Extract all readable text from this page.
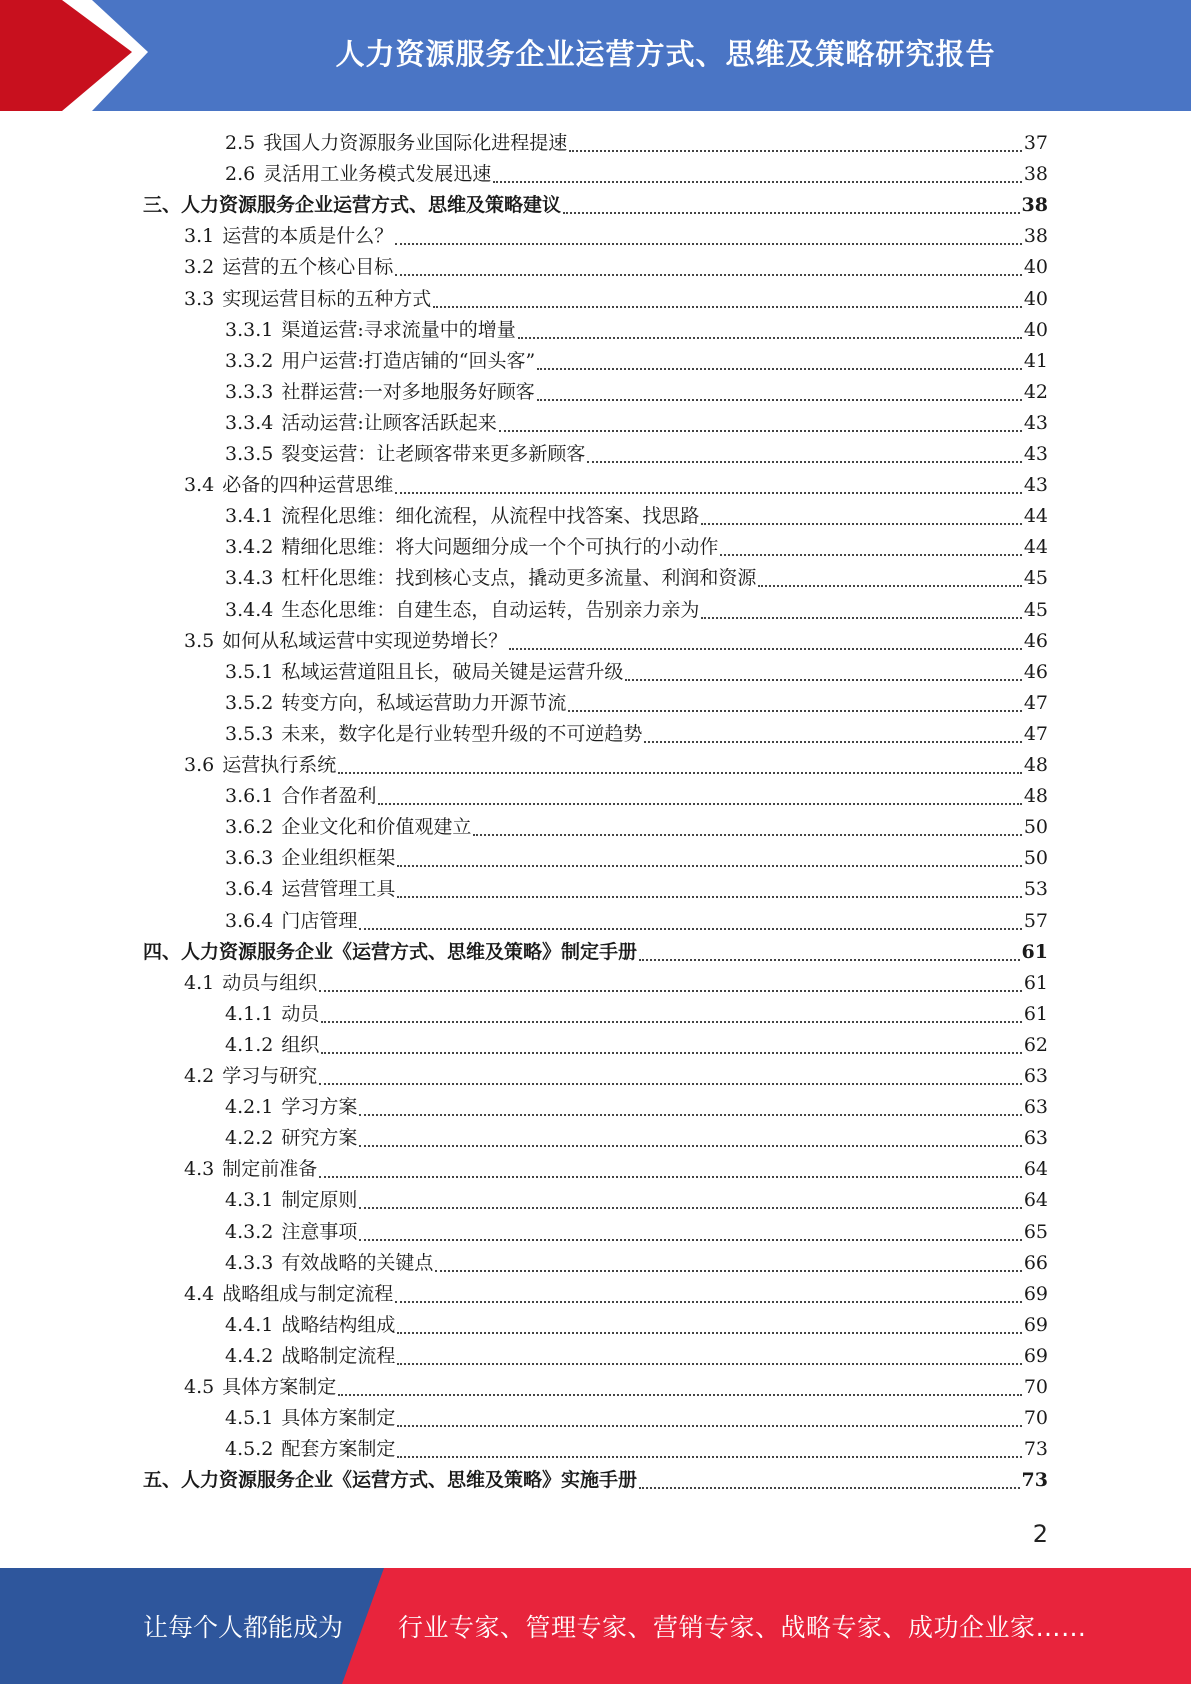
人力资源服务企业运营方式、思维及策略研究报告
2.5 我国人力资源服务业国际化进程提速	37
2.6 灵活用工业务模式发展迅速	38
三、人力资源服务企业运营方式、思维及策略建议	38
3.1 运营的本质是什么？	38
3.2 运营的五个核心目标	40
3.3 实现运营目标的五种方式	40
3.3.1 渠道运营:寻求流量中的增量	40
3.3.2 用户运营:打造店铺的“回头客”	41
3.3.3 社群运营:一对多地服务好顾客	42
3.3.4 活动运营:让顾客活跃起来	43
3.3.5 裂变运营：让老顾客带来更多新顾客	43
3.4 必备的四种运营思维	43
3.4.1 流程化思维：细化流程，从流程中找答案、找思路	44
3.4.2 精细化思维：将大问题细分成一个个可执行的小动作	44
3.4.3 杠杆化思维：找到核心支点，撬动更多流量、利润和资源	45
3.4.4 生态化思维：自建生态，自动运转，告别亲力亲为	45
3.5 如何从私域运营中实现逆势增长？	46
3.5.1 私域运营道阻且长，破局关键是运营升级	46
3.5.2 转变方向，私域运营助力开源节流	47
3.5.3 未来，数字化是行业转型升级的不可逆趋势	47
3.6 运营执行系统	48
3.6.1 合作者盈利	48
3.6.2 企业文化和价值观建立	50
3.6.3 企业组织框架	50
3.6.4 运营管理工具	53
3.6.4 门店管理	57
四、人力资源服务企业《运营方式、思维及策略》制定手册	61
4.1 动员与组织	61
4.1.1 动员	61
4.1.2 组织	62
4.2 学习与研究	63
4.2.1 学习方案	63
4.2.2 研究方案	63
4.3 制定前准备	64
4.3.1 制定原则	64
4.3.2 注意事项	65
4.3.3 有效战略的关键点	66
4.4 战略组成与制定流程	69
4.4.1 战略结构组成	69
4.4.2 战略制定流程	69
4.5 具体方案制定	70
4.5.1 具体方案制定	70
4.5.2 配套方案制定	73
五、人力资源服务企业《运营方式、思维及策略》实施手册	73
2
让每个人都能成为 行业专家、管理专家、营销专家、战略专家、成功企业家……
